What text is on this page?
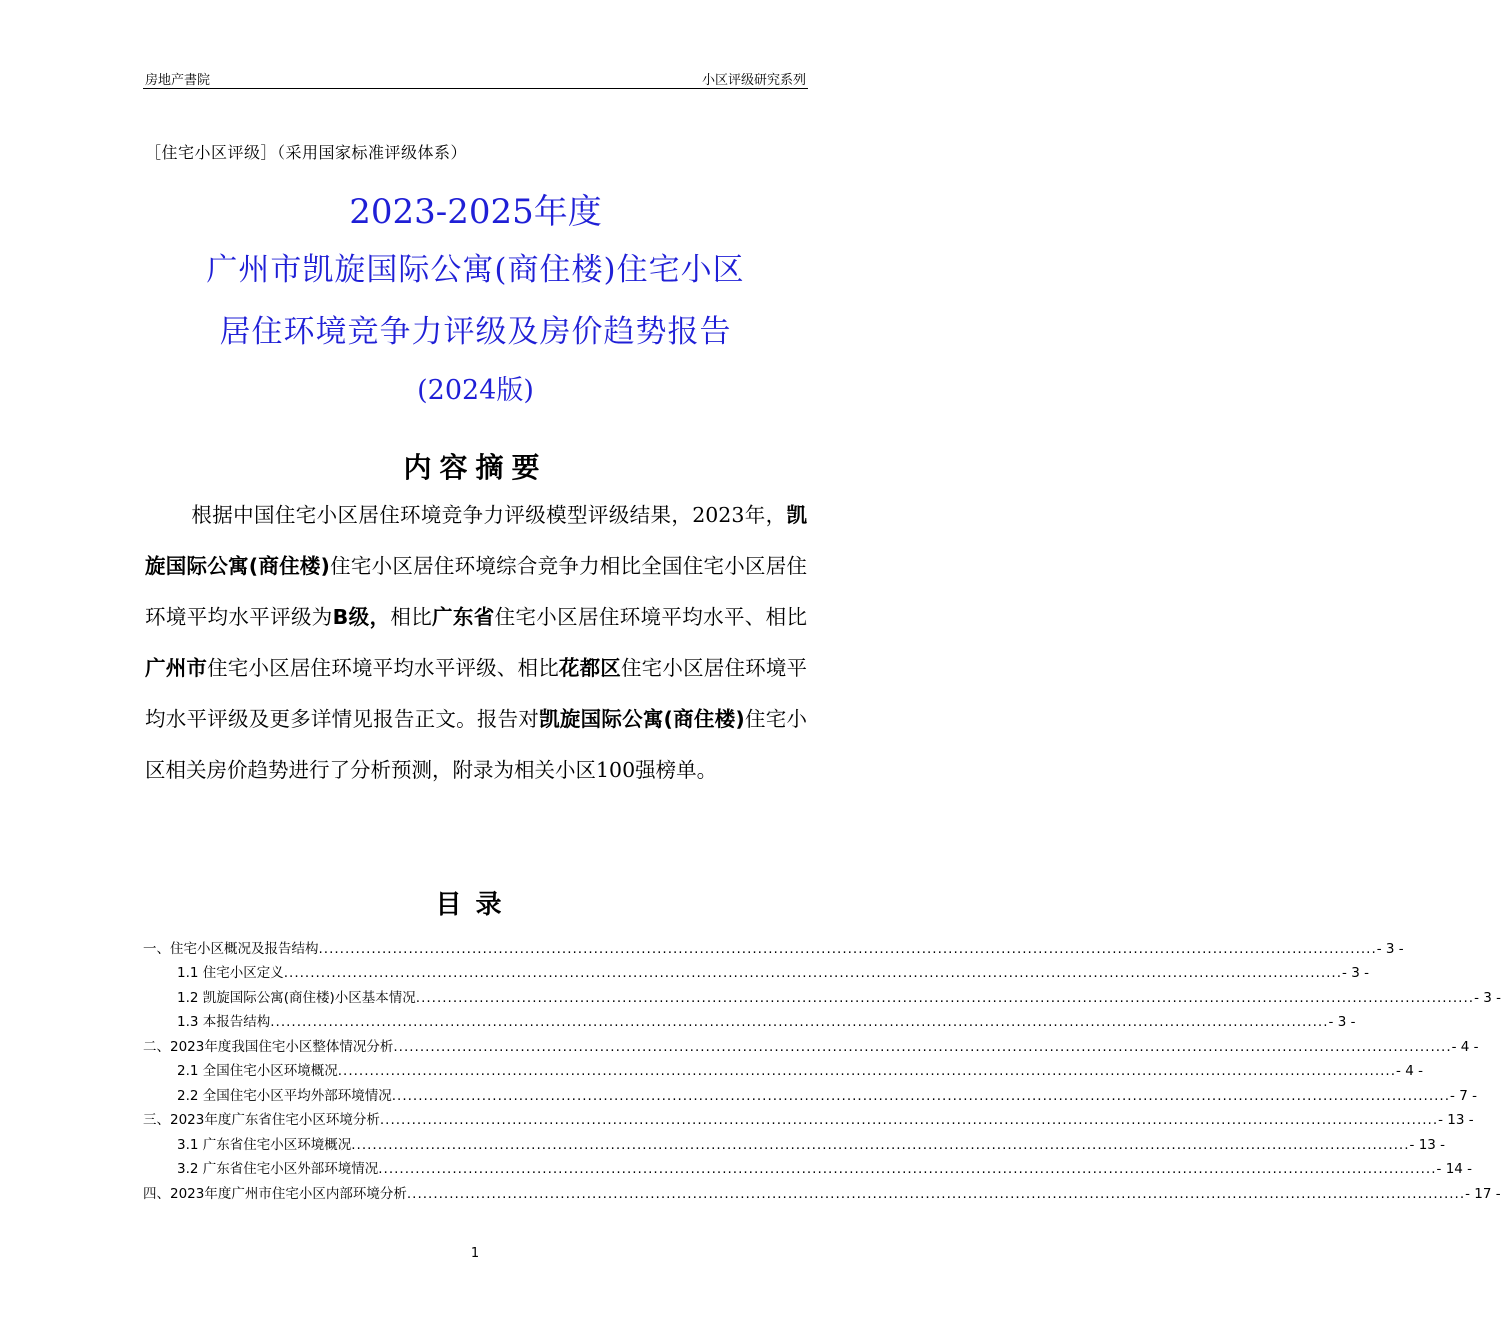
房地产書院	小区评级研究系列
［住宅小区评级］（采用国家标准评级体系）
2023-2025年度
广州市凯旋国际公寓(商住楼)住宅小区
居住环境竞争力评级及房价趋势报告
(2024版)
内容摘要
根据中国住宅小区居住环境竞争力评级模型评级结果，2023年，凯旋国际公寓(商住楼)住宅小区居住环境综合竞争力相比全国住宅小区居住环境平均水平评级为B级，相比广东省住宅小区居住环境平均水平、相比广州市住宅小区居住环境平均水平评级、相比花都区住宅小区居住环境平均水平评级及更多详情见报告正文。报告对凯旋国际公寓(商住楼)住宅小区相关房价趋势进行了分析预测，附录为相关小区100强榜单。
目录
一、住宅小区概况及报告结构 ........................................................................................................................................................................................................ - 3 -
1.1 住宅小区定义 ........................................................................................................................................................................................................ - 3 -
1.2 凯旋国际公寓(商住楼)小区基本情况 ........................................................................................................................................................................................................ - 3 -
1.3 本报告结构 ........................................................................................................................................................................................................ - 3 -
二、2023年度我国住宅小区整体情况分析 ........................................................................................................................................................................................................ - 4 -
2.1 全国住宅小区环境概况 ........................................................................................................................................................................................................ - 4 -
2.2 全国住宅小区平均外部环境情况 ........................................................................................................................................................................................................ - 7 -
三、2023年度广东省住宅小区环境分析 ........................................................................................................................................................................................................ - 13 -
3.1 广东省住宅小区环境概况 ........................................................................................................................................................................................................ - 13 -
3.2 广东省住宅小区外部环境情况 ........................................................................................................................................................................................................ - 14 -
四、2023年度广州市住宅小区内部环境分析 ........................................................................................................................................................................................................ - 17 -
1
